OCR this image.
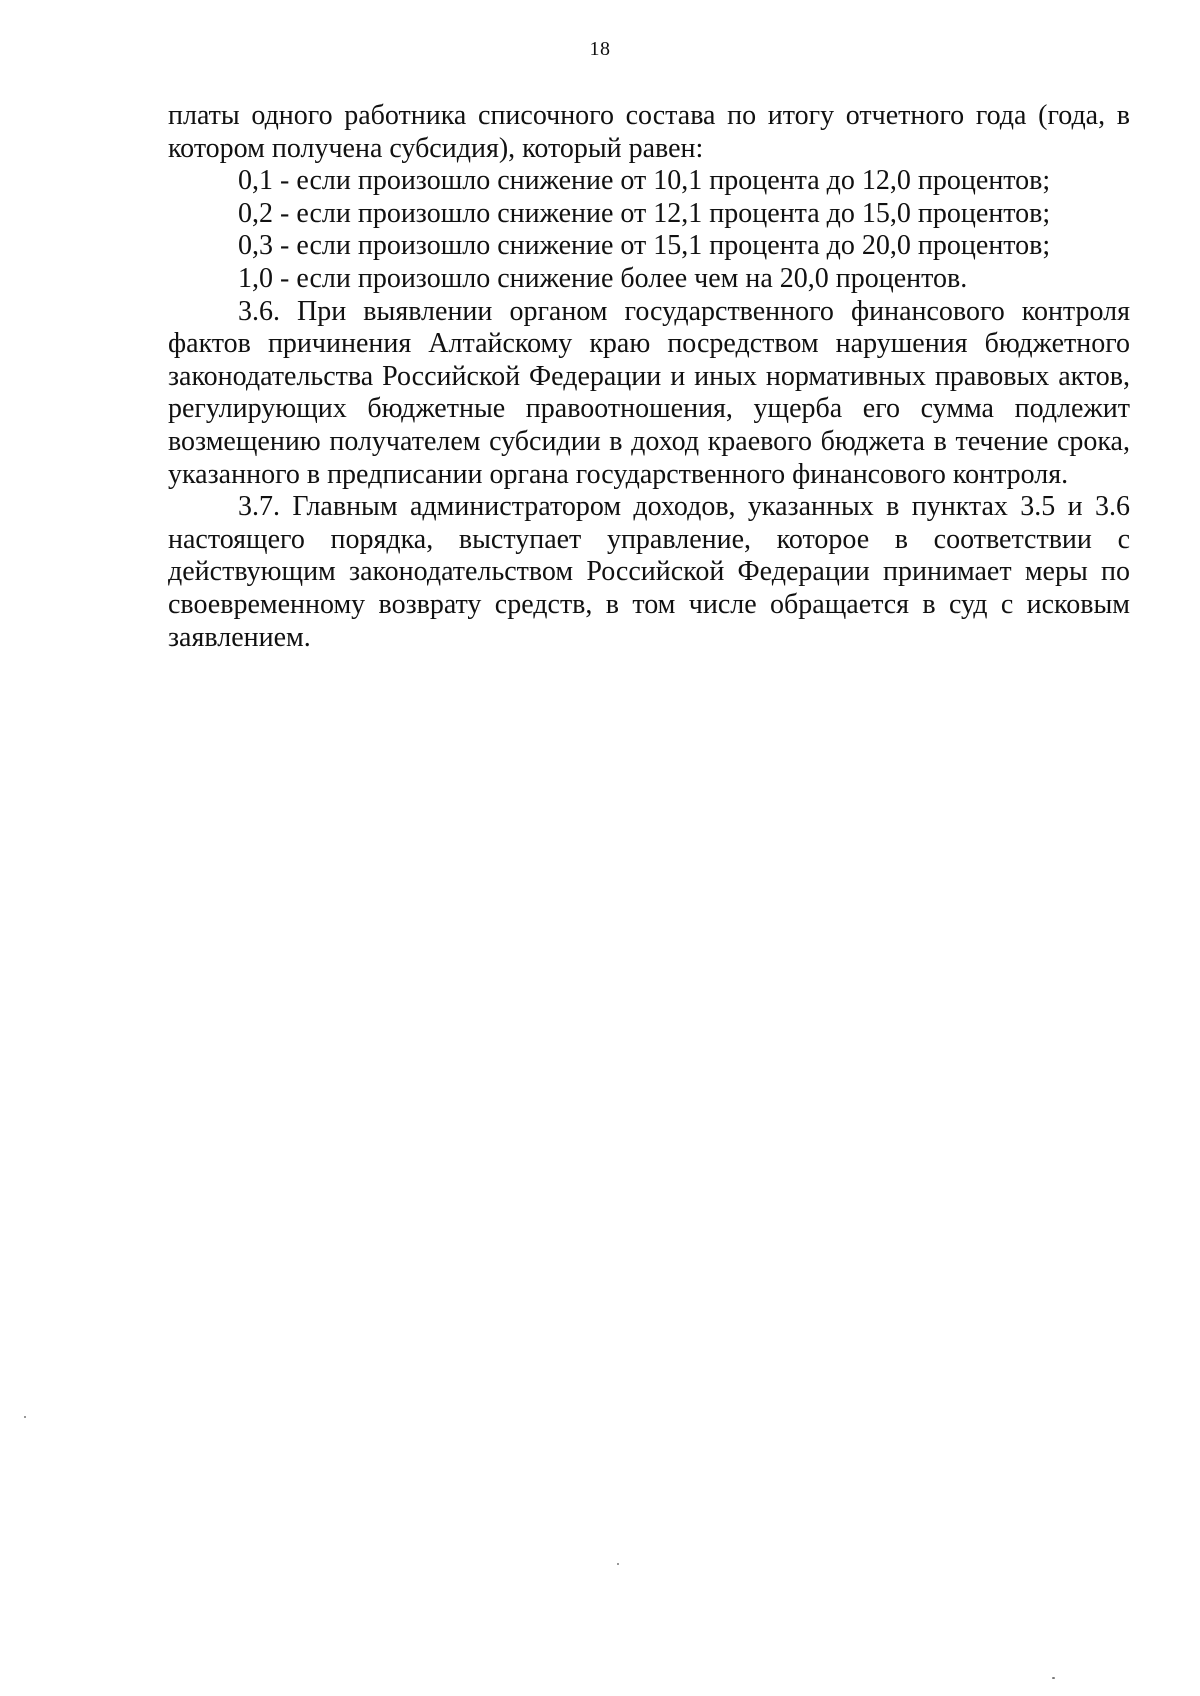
18

платы одного работника списочного состава по итогу отчетного года (года, в котором получена субсидия), который равен:

0,1 - если произошло снижение от 10,1 процента до 12,0 процентов;

0,2 - если произошло снижение от 12,1 процента до 15,0 процентов;

0,3 - если произошло снижение от 15,1 процента до 20,0 процентов;

1,0 - если произошло снижение более чем на 20,0 процентов.

3.6. При выявлении органом государственного финансового контроля фактов причинения Алтайскому краю посредством нарушения бюджетного законодательства Российской Федерации и иных нормативных правовых актов, регулирующих бюджетные правоотношения, ущерба его сумма подлежит возмещению получателем субсидии в доход краевого бюджета в течение срока, указанного в предписании органа государственного финансового контроля.

3.7. Главным администратором доходов, указанных в пунктах 3.5 и 3.6 настоящего порядка, выступает управление, которое в соответствии с действующим законодательством Российской Федерации принимает меры по своевременному возврату средств, в том числе обращается в суд с исковым заявлением.
